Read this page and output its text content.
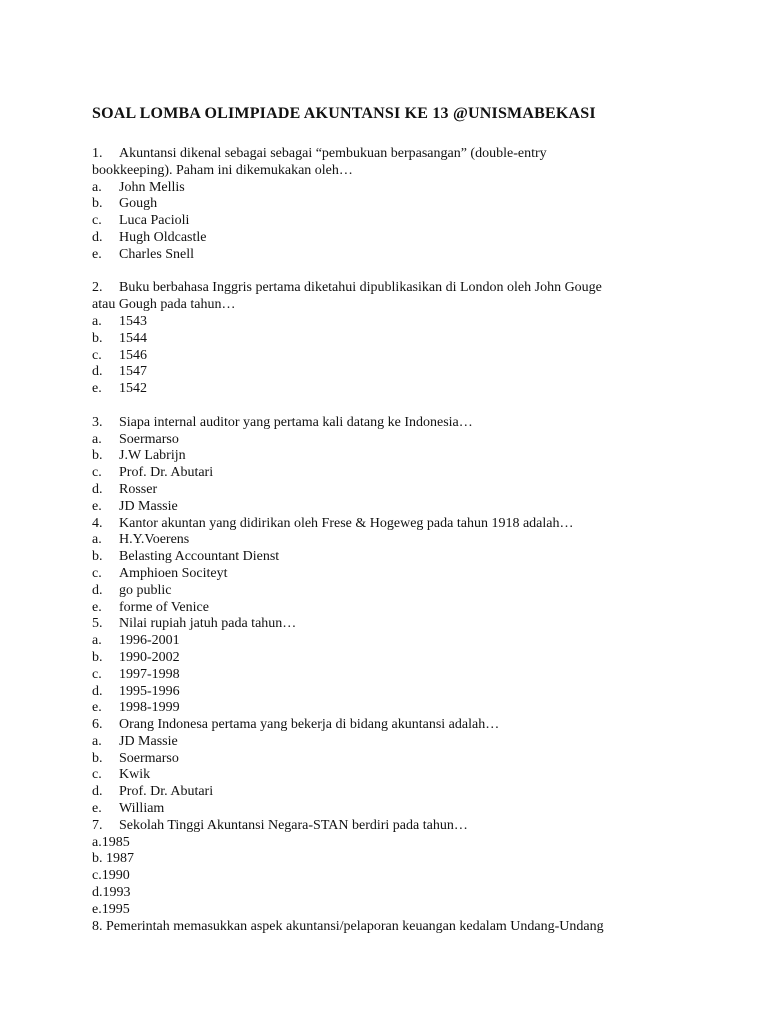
SOAL LOMBA OLIMPIADE AKUNTANSI KE 13 @UNISMABEKASI
1. Akuntansi dikenal sebagai sebagai “pembukuan berpasangan” (double-entry
bookkeeping). Paham ini dikemukakan oleh…
a. John Mellis
b. Gough
c. Luca Pacioli
d. Hugh Oldcastle
e. Charles Snell
2. Buku berbahasa Inggris pertama diketahui dipublikasikan di London oleh John Gouge
atau Gough pada tahun…
a. 1543
b. 1544
c. 1546
d. 1547
e. 1542
3. Siapa internal auditor yang pertama kali datang ke Indonesia…
a. Soermarso
b. J.W Labrijn
c. Prof. Dr. Abutari
d. Rosser
e. JD Massie
4. Kantor akuntan yang didirikan oleh Frese & Hogeweg pada tahun 1918 adalah…
a. H.Y.Voerens
b. Belasting Accountant Dienst
c. Amphioen Sociteyt
d. go public
e. forme of Venice
5. Nilai rupiah jatuh pada tahun…
a. 1996-2001
b. 1990-2002
c. 1997-1998
d. 1995-1996
e. 1998-1999
6. Orang Indonesa pertama yang bekerja di bidang akuntansi adalah…
a. JD Massie
b. Soermarso
c. Kwik
d. Prof. Dr. Abutari
e. William
7. Sekolah Tinggi Akuntansi Negara-STAN berdiri pada tahun…
a.1985
b. 1987
c.1990
d.1993
e.1995
8. Pemerintah memasukkan aspek akuntansi/pelaporan keuangan kedalam Undang-Undang
